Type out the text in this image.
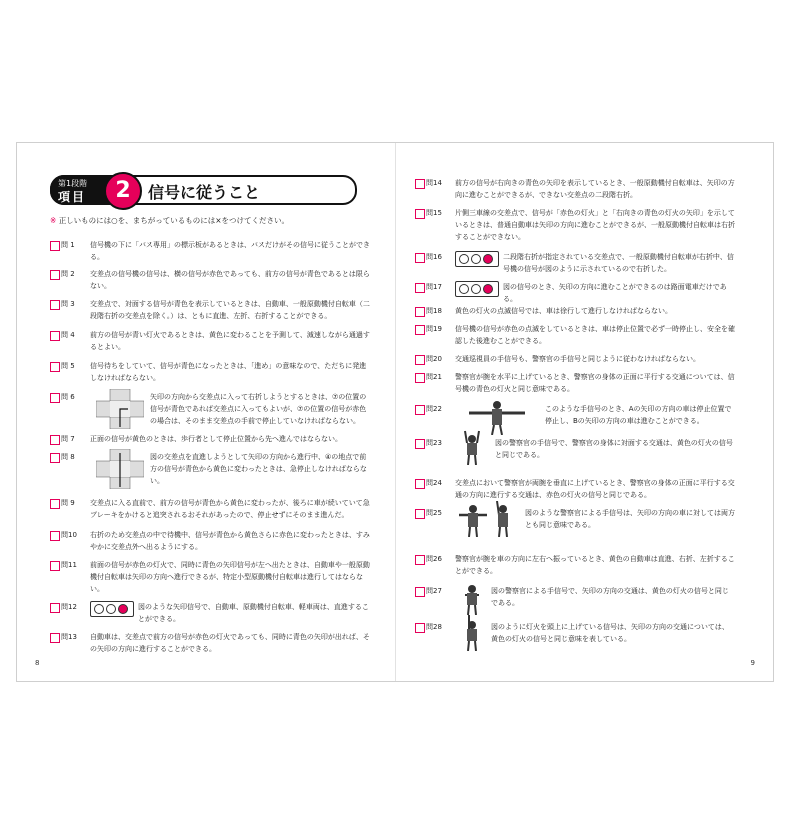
第1段階
項目	2	信号に従うこと
※ 正しいものには○を、まちがっているものには×をつけてください。
問 1 信号機の下に「バス専用」の標示板があるときは、バスだけがその信号に従うことができる。
問 2 交差点の信号機の信号は、横の信号が赤色であっても、前方の信号が青色であるとは限らない。
問 3 交差点で、対面する信号が青色を表示しているときは、自動車、一般原動機付自転車（二段階右折の交差点を除く。）は、ともに直進、左折、右折することができる。
問 4 前方の信号が青い灯火であるときは、黄色に変わることを予測して、減速しながら通過するとよい。
問 5 信号待ちをしていて、信号が青色になったときは、「進め」の意味なので、ただちに発進しなければならない。
問 6	矢印の方向から交差点に入って右折しようとするときは、⑦の位置の信号が青色であれば交差点に入ってもよいが、⑦の位置の信号が赤色の場合は、そのまま交差点の手前で停止していなければならない。
問 7 正面の信号が黄色のときは、歩行者として停止位置から先へ進んではならない。
問 8	図の交差点を直進しようとして矢印の方向から進行中、④の地点で前方の信号が青色から黄色に変わったときは、急停止しなければならない。
問 9 交差点に入る直前で、前方の信号が青色から黄色に変わったが、後ろに車が続いていて急ブレーキをかけると追突されるおそれがあったので、停止せずにそのまま進んだ。
問10 右折のため交差点の中で待機中、信号が青色から黄色さらに赤色に変わったときは、すみやかに交差点外へ出るようにする。
問11 前面の信号が赤色の灯火で、同時に青色の矢印信号が左へ出たときは、自動車や一般原動機付自転車は矢印の方向へ進行できるが、特定小型原動機付自転車は進行してはならない。
問12	図のような矢印信号で、自動車、原動機付自転車、軽車両は、直進することができる。
問13 自動車は、交差点で前方の信号が赤色の灯火であっても、同時に青色の矢印が出れば、その矢印の方向に進行することができる。
8
問14 前方の信号が右向きの青色の矢印を表示しているとき、一般原動機付自転車は、矢印の方向に進むことができるが、できない交差点の二段階右折。
問15 片側三車線の交差点で、信号が「赤色の灯火」と「右向きの青色の灯火の矢印」を示しているときは、普通自動車は矢印の方向に進むことができるが、一般原動機付自転車は右折することができない。
問16	二段階右折が指定されている交差点で、一般原動機付自転車が右折中、信号機の信号が図のように示されているので右折した。
問17	図の信号のとき、矢印の方向に進むことができるのは路面電車だけである。
問18 黄色の灯火の点滅信号では、車は徐行して進行しなければならない。
問19 信号機の信号が赤色の点滅をしているときは、車は停止位置で必ず一時停止し、安全を確認した後進むことができる。
問20 交通巡視員の手信号も、警察官の手信号と同じように従わなければならない。
問21 警察官が腕を水平に上げているとき、警察官の身体の正面に平行する交通については、信号機の青色の灯火と同じ意味である。
問22	このような手信号のとき、Aの矢印の方向の車は停止位置で停止し、Bの矢印の方向の車は進むことができる。
問23	図の警察官の手信号で、警察官の身体に対面する交通は、黄色の灯火の信号と同じである。
問24 交差点において警察官が両腕を垂直に上げているとき、警察官の身体の正面に平行する交通の方向に進行する交通は、赤色の灯火の信号と同じである。
問25	図のような警察官による手信号は、矢印の方向の車に対しては両方とも同じ意味である。
問26 警察官が腕を車の方向に左右へ振っているとき、黄色の自動車は直進、右折、左折することができる。
問27	図の警察官による手信号で、矢印の方向の交通は、黄色の灯火の信号と同じである。
問28	図のように灯火を頭上に上げている信号は、矢印の方向の交通については、黄色の灯火の信号と同じ意味を表している。
9
